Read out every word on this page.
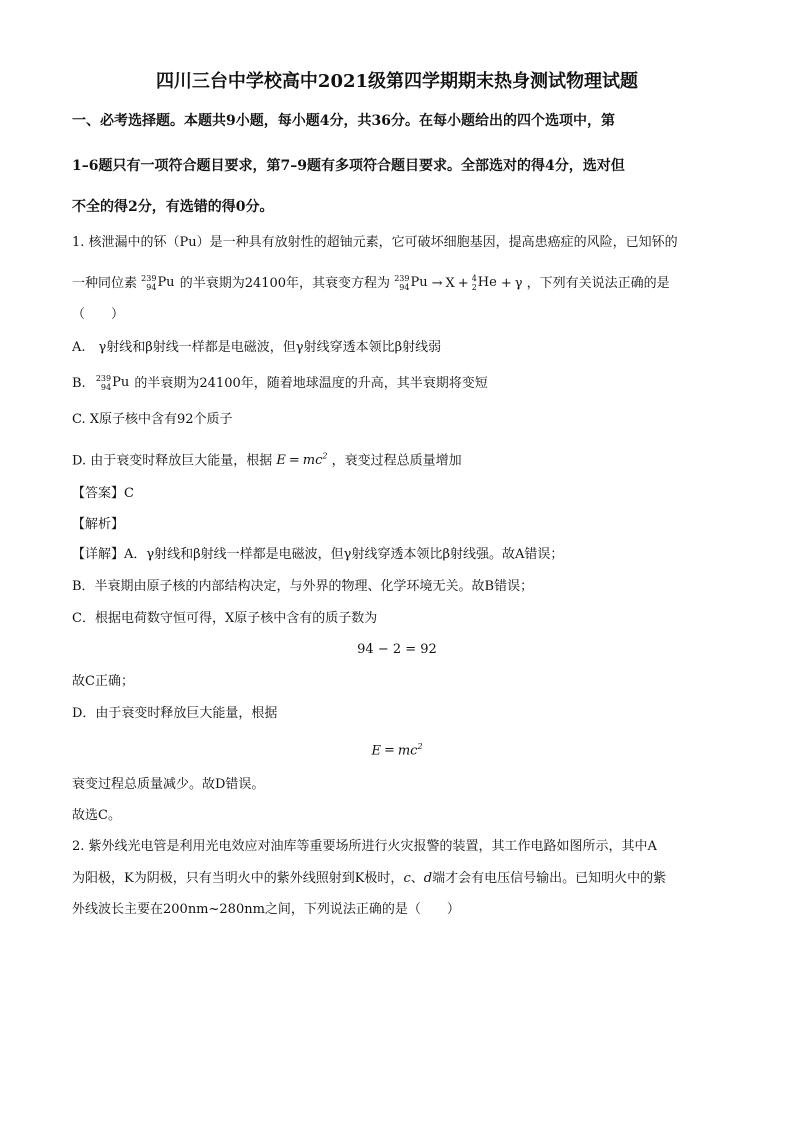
四川三台中学校高中2021级第四学期期末热身测试物理试题
一、必考选择题。本题共9小题，每小题4分，共36分。在每小题给出的四个选项中，第
1–6题只有一项符合题目要求，第7–9题有多项符合题目要求。全部选对的得4分，选对但
不全的得2分，有选错的得0分。
1. 核泄漏中的钚（Pu）是一种具有放射性的超铀元素，它可破坏细胞基因，提高患癌症的风险，已知钚的
一种同位素 239
94 Pu 的半衰期为24100年，其衰变方程为 239
94 Pu → X + 4
2 He + γ ，下列有关说法正确的是
（　　）
A.　γ射线和β射线一样都是电磁波，但γ射线穿透本领比β射线弱
B. 239
94 Pu 的半衰期为24100年，随着地球温度的升高，其半衰期将变短
C. X原子核中含有92个质子
D. 由于衰变时释放巨大能量，根据 $E = mc^2$ ，衰变过程总质量增加
【答案】C
【解析】
【详解】A．γ射线和β射线一样都是电磁波，但γ射线穿透本领比β射线强。故A错误；
B．半衰期由原子核的内部结构决定，与外界的物理、化学环境无关。故B错误；
C．根据电荷数守恒可得，X原子核中含有的质子数为
94 − 2 = 92
故C正确；
D．由于衰变时释放巨大能量，根据
$E = mc^2$
衰变过程总质量减少。故D错误。
故选C。
2. 紫外线光电管是利用光电效应对油库等重要场所进行火灾报警的装置，其工作电路如图所示，其中A
为阳极，K为阴极，只有当明火中的紫外线照射到K极时，c、d端才会有电压信号输出。已知明火中的紫
外线波长主要在200nm~280nm之间，下列说法正确的是（　　）
